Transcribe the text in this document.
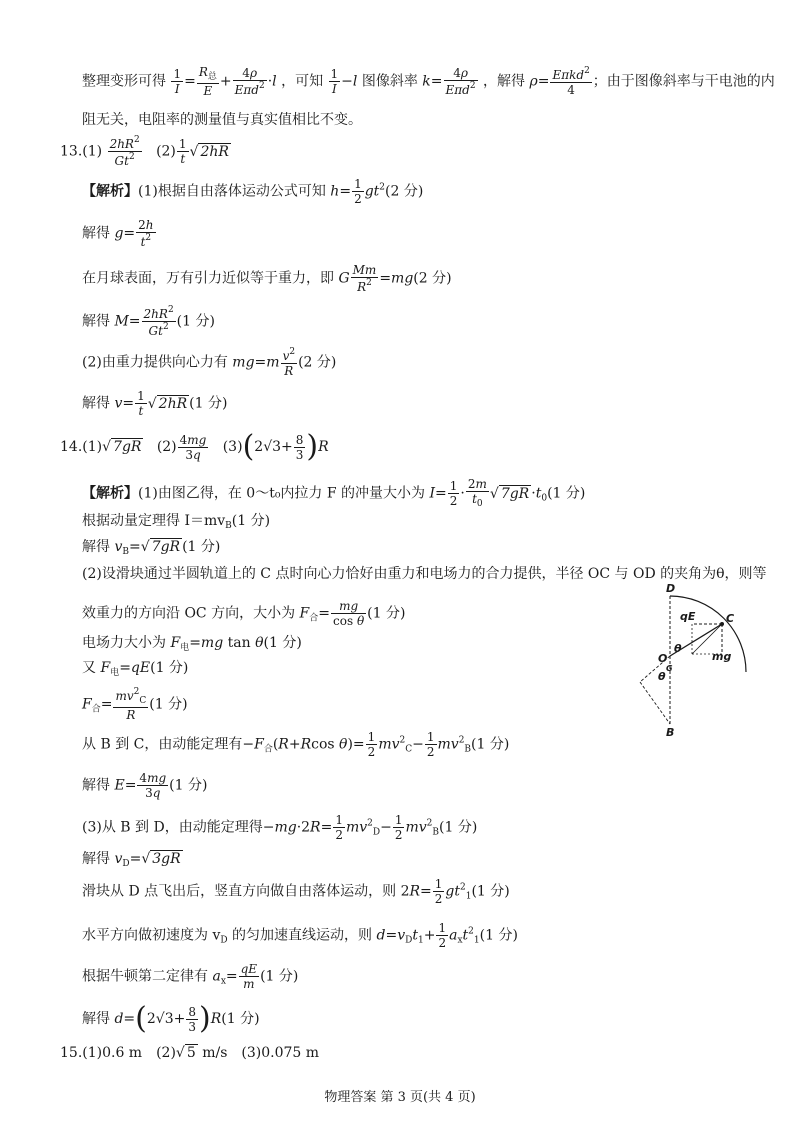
整理变形可得 $\frac{1}{I} = \frac{R_总}{E} + \frac{4\rho}{E\pi d^2} \cdot l$ ，可知 $\frac{1}{I} -l$ 图像斜率 $k= \frac{4\rho}{E\pi d^2}$ ，解得 $\rho= \frac{E\pi kd^2}{4}$ ；由于图像斜率与干电池的内
阻无关，电阻率的测量值与真实值相比不变。
$13.(1) \frac{2hR^2}{Gt^2} (2) \frac{1}{t}$ √ 2hR
【解析】(1)根据自由落体运动公式可知 $h= \frac{1}{2} gt^2(2$ 分)
解得 $g= \frac{2h}{t^2}$
在月球表面，万有引力近似等于重力，即 G $\frac{Mm}{R^2} =mg(2$ 分)
解得 $M= \frac{2hR^2}{Gt^2} (1$ 分)
(2)由重力提供向心力有 $mg=m \frac{v^2}{R} (2$ 分)
解得 $v= \frac{1}{t}$ √ 2hR (1 分)
14.(1)√ 7gR $(2) \frac{4mg}{3q} (3)(2√3+ \frac{8}{3} )R$
【解析】(1)由图乙得，在 0～t₀内拉力 F 的冲量大小为 $I= \frac{1}{2} \cdot \frac{2m}{t_0}$ √ $7gR \cdot t_0(1$ 分)
根据动量定理得 $I=mv_B(1$ 分)
解得 $v_B=√$ 7gR (1 分)
(2)设滑块通过半圆轨道上的 C 点时向心力恰好由重力和电场力的合力提供，半径 OC 与 OD 的夹角为θ，则等
效重力的方向沿 OC 方向，大小为 $F_合= \frac{mg}{\text{cos θ}} (1$ 分)
电场力大小为 $F_电=mg$ tan θ(1 分)
又 $F_电=qE(1$ 分)
$F_合= \frac{mv^2_C}{R} (1$ 分)
从 B 到 C，由动能定理有$-F_合(R+Rcos$ $\theta)= \frac{1}{2} mv^2_C- \frac{1}{2} mv^2_B(1$ 分)
解得 $E= \frac{4mg}{3q} (1$ 分)
(3)从 B 到 D，由动能定理得$-mg\cdot 2R= \frac{1}{2} mv^2_D- \frac{1}{2} mv^2_B(1$ 分)
解得 $v_D=√$ 3gR
滑块从 D 点飞出后，竖直方向做自由落体运动，则 $2R= \frac{1}{2} gt^2_1(1$ 分)
水平方向做初速度为 $v_D$ 的匀加速直线运动，则 $d=v_Dt_1+ \frac{1}{2} a_xt^2_1(1$ 分)
根据牛顿第二定律有 $a_x= \frac{qE}{m} (1$ 分)
解得 $d=(2√3+ \frac{8}{3} )R(1$ 分)
15.(1)0.6 m　(2)√ 5 m/s　(3)0.075 m
D
C
qE
O
G
θ
θ
mg
B
物理答案 第 3 页(共 4 页)
